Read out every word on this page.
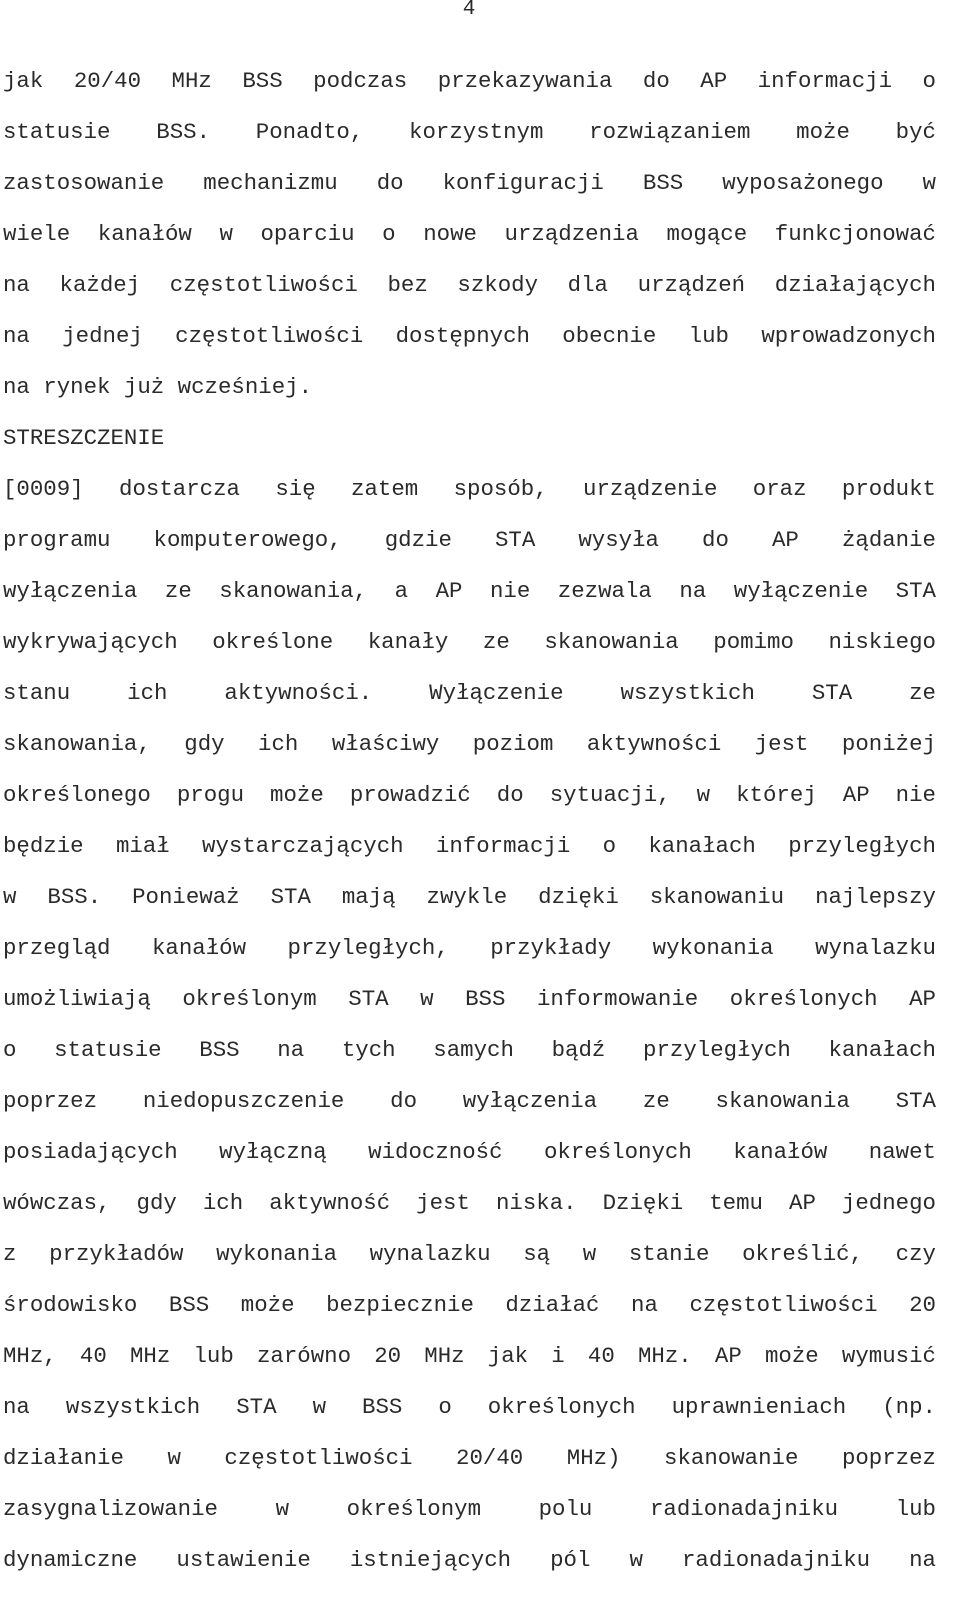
4
jak 20/40 MHz BSS podczas przekazywania do AP informacji o
statusie BSS. Ponadto, korzystnym rozwiązaniem może być
zastosowanie mechanizmu do konfiguracji BSS wyposażonego w
wiele kanałów w oparciu o nowe urządzenia mogące funkcjonować
na każdej częstotliwości bez szkody dla urządzeń działających
na jednej częstotliwości dostępnych obecnie lub wprowadzonych
na rynek już wcześniej.
STRESZCZENIE
[0009] dostarcza się zatem sposób, urządzenie oraz produkt
programu komputerowego, gdzie STA wysyła do AP żądanie
wyłączenia ze skanowania, a AP nie zezwala na wyłączenie STA
wykrywających określone kanały ze skanowania pomimo niskiego
stanu ich aktywności. Wyłączenie wszystkich STA ze
skanowania, gdy ich właściwy poziom aktywności jest poniżej
określonego progu może prowadzić do sytuacji, w której AP nie
będzie miał wystarczających informacji o kanałach przyległych
w BSS. Ponieważ STA mają zwykle dzięki skanowaniu najlepszy
przegląd kanałów przyległych, przykłady wykonania wynalazku
umożliwiają określonym STA w BSS informowanie określonych AP
o statusie BSS na tych samych bądź przyległych kanałach
poprzez niedopuszczenie do wyłączenia ze skanowania STA
posiadających wyłączną widoczność określonych kanałów nawet
wówczas, gdy ich aktywność jest niska. Dzięki temu AP jednego
z przykładów wykonania wynalazku są w stanie określić, czy
środowisko BSS może bezpiecznie działać na częstotliwości 20
MHz, 40 MHz lub zarówno 20 MHz jak i 40 MHz. AP może wymusić
na wszystkich STA w BSS o określonych uprawnieniach (np.
działanie w częstotliwości 20/40 MHz) skanowanie poprzez
zasygnalizowanie w określonym polu radionadajniku lub
dynamiczne ustawienie istniejących pól w radionadajniku na
